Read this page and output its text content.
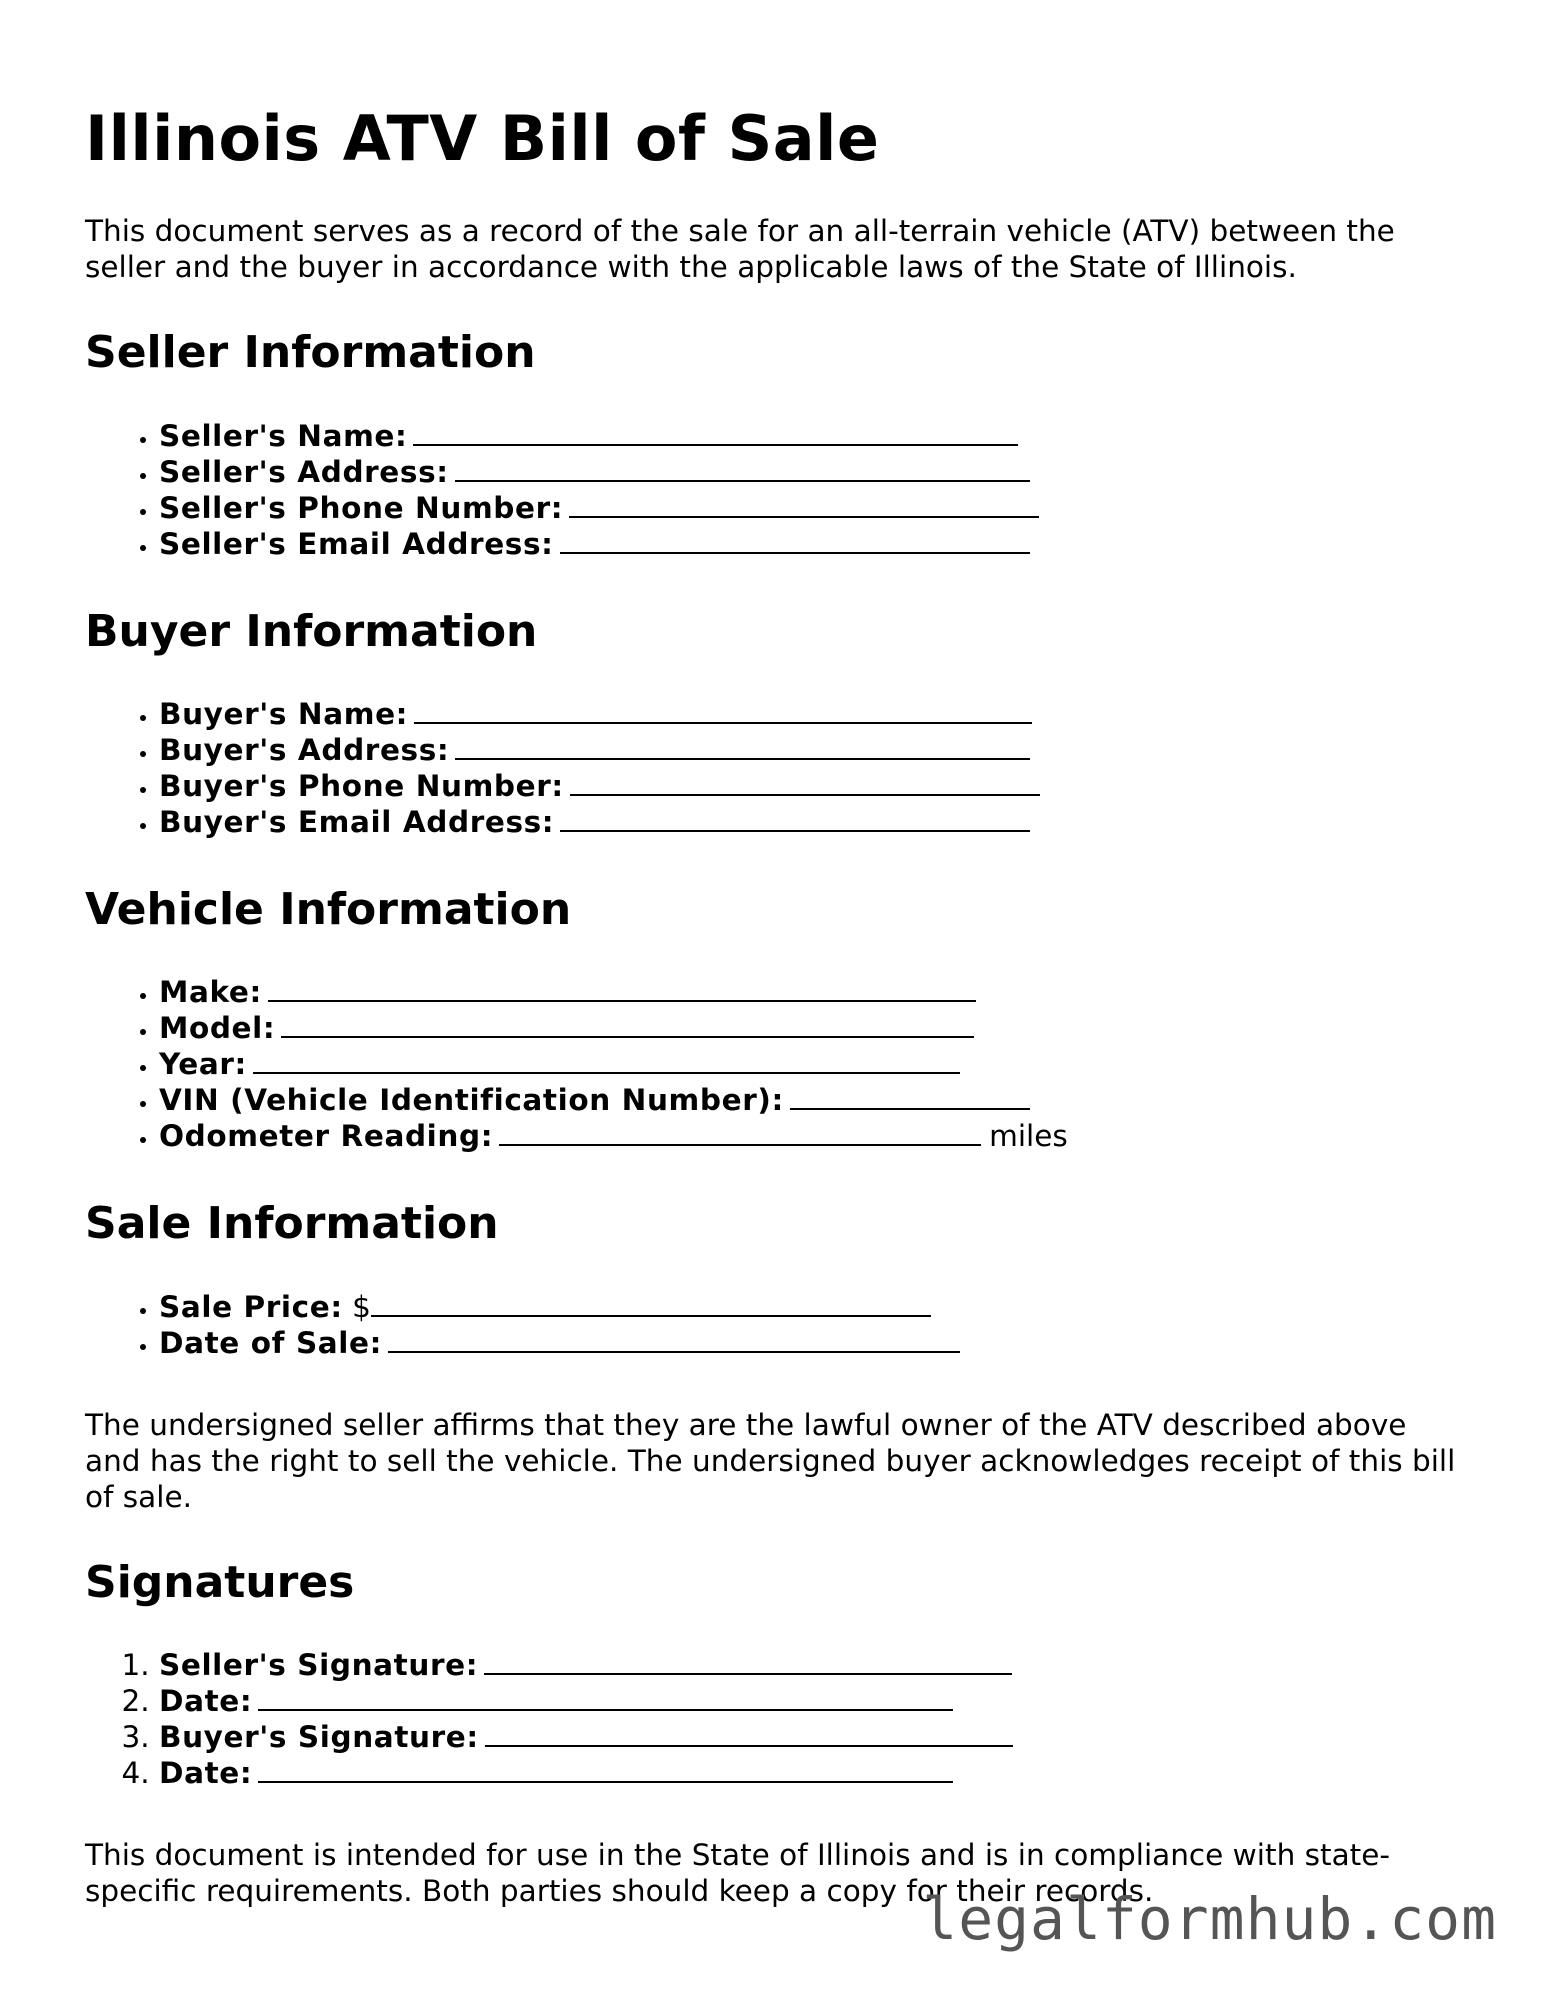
Illinois ATV Bill of Sale

This document serves as a record of the sale for an all-terrain vehicle (ATV) between the seller and the buyer in accordance with the applicable laws of the State of Illinois.

Seller Information
• Seller's Name:
• Seller's Address:
• Seller's Phone Number:
• Seller's Email Address:
Buyer Information
• Buyer's Name:
• Buyer's Address:
• Buyer's Phone Number:
• Buyer's Email Address:
Vehicle Information
• Make:
• Model:
• Year:
• VIN (Vehicle Identification Number):
• Odometer Reading:	miles
Sale Information
• Sale Price: $
• Date of Sale:

The undersigned seller affirms that they are the lawful owner of the ATV described above and has the right to sell the vehicle. The undersigned buyer acknowledges receipt of this bill of sale.

Signatures
1. Seller's Signature:
2. Date:
3. Buyer's Signature:
4. Date:

This document is intended for use in the State of Illinois and is in compliance with state-specific requirements. Both parties should keep a copy for their records.

legalformhub.com
